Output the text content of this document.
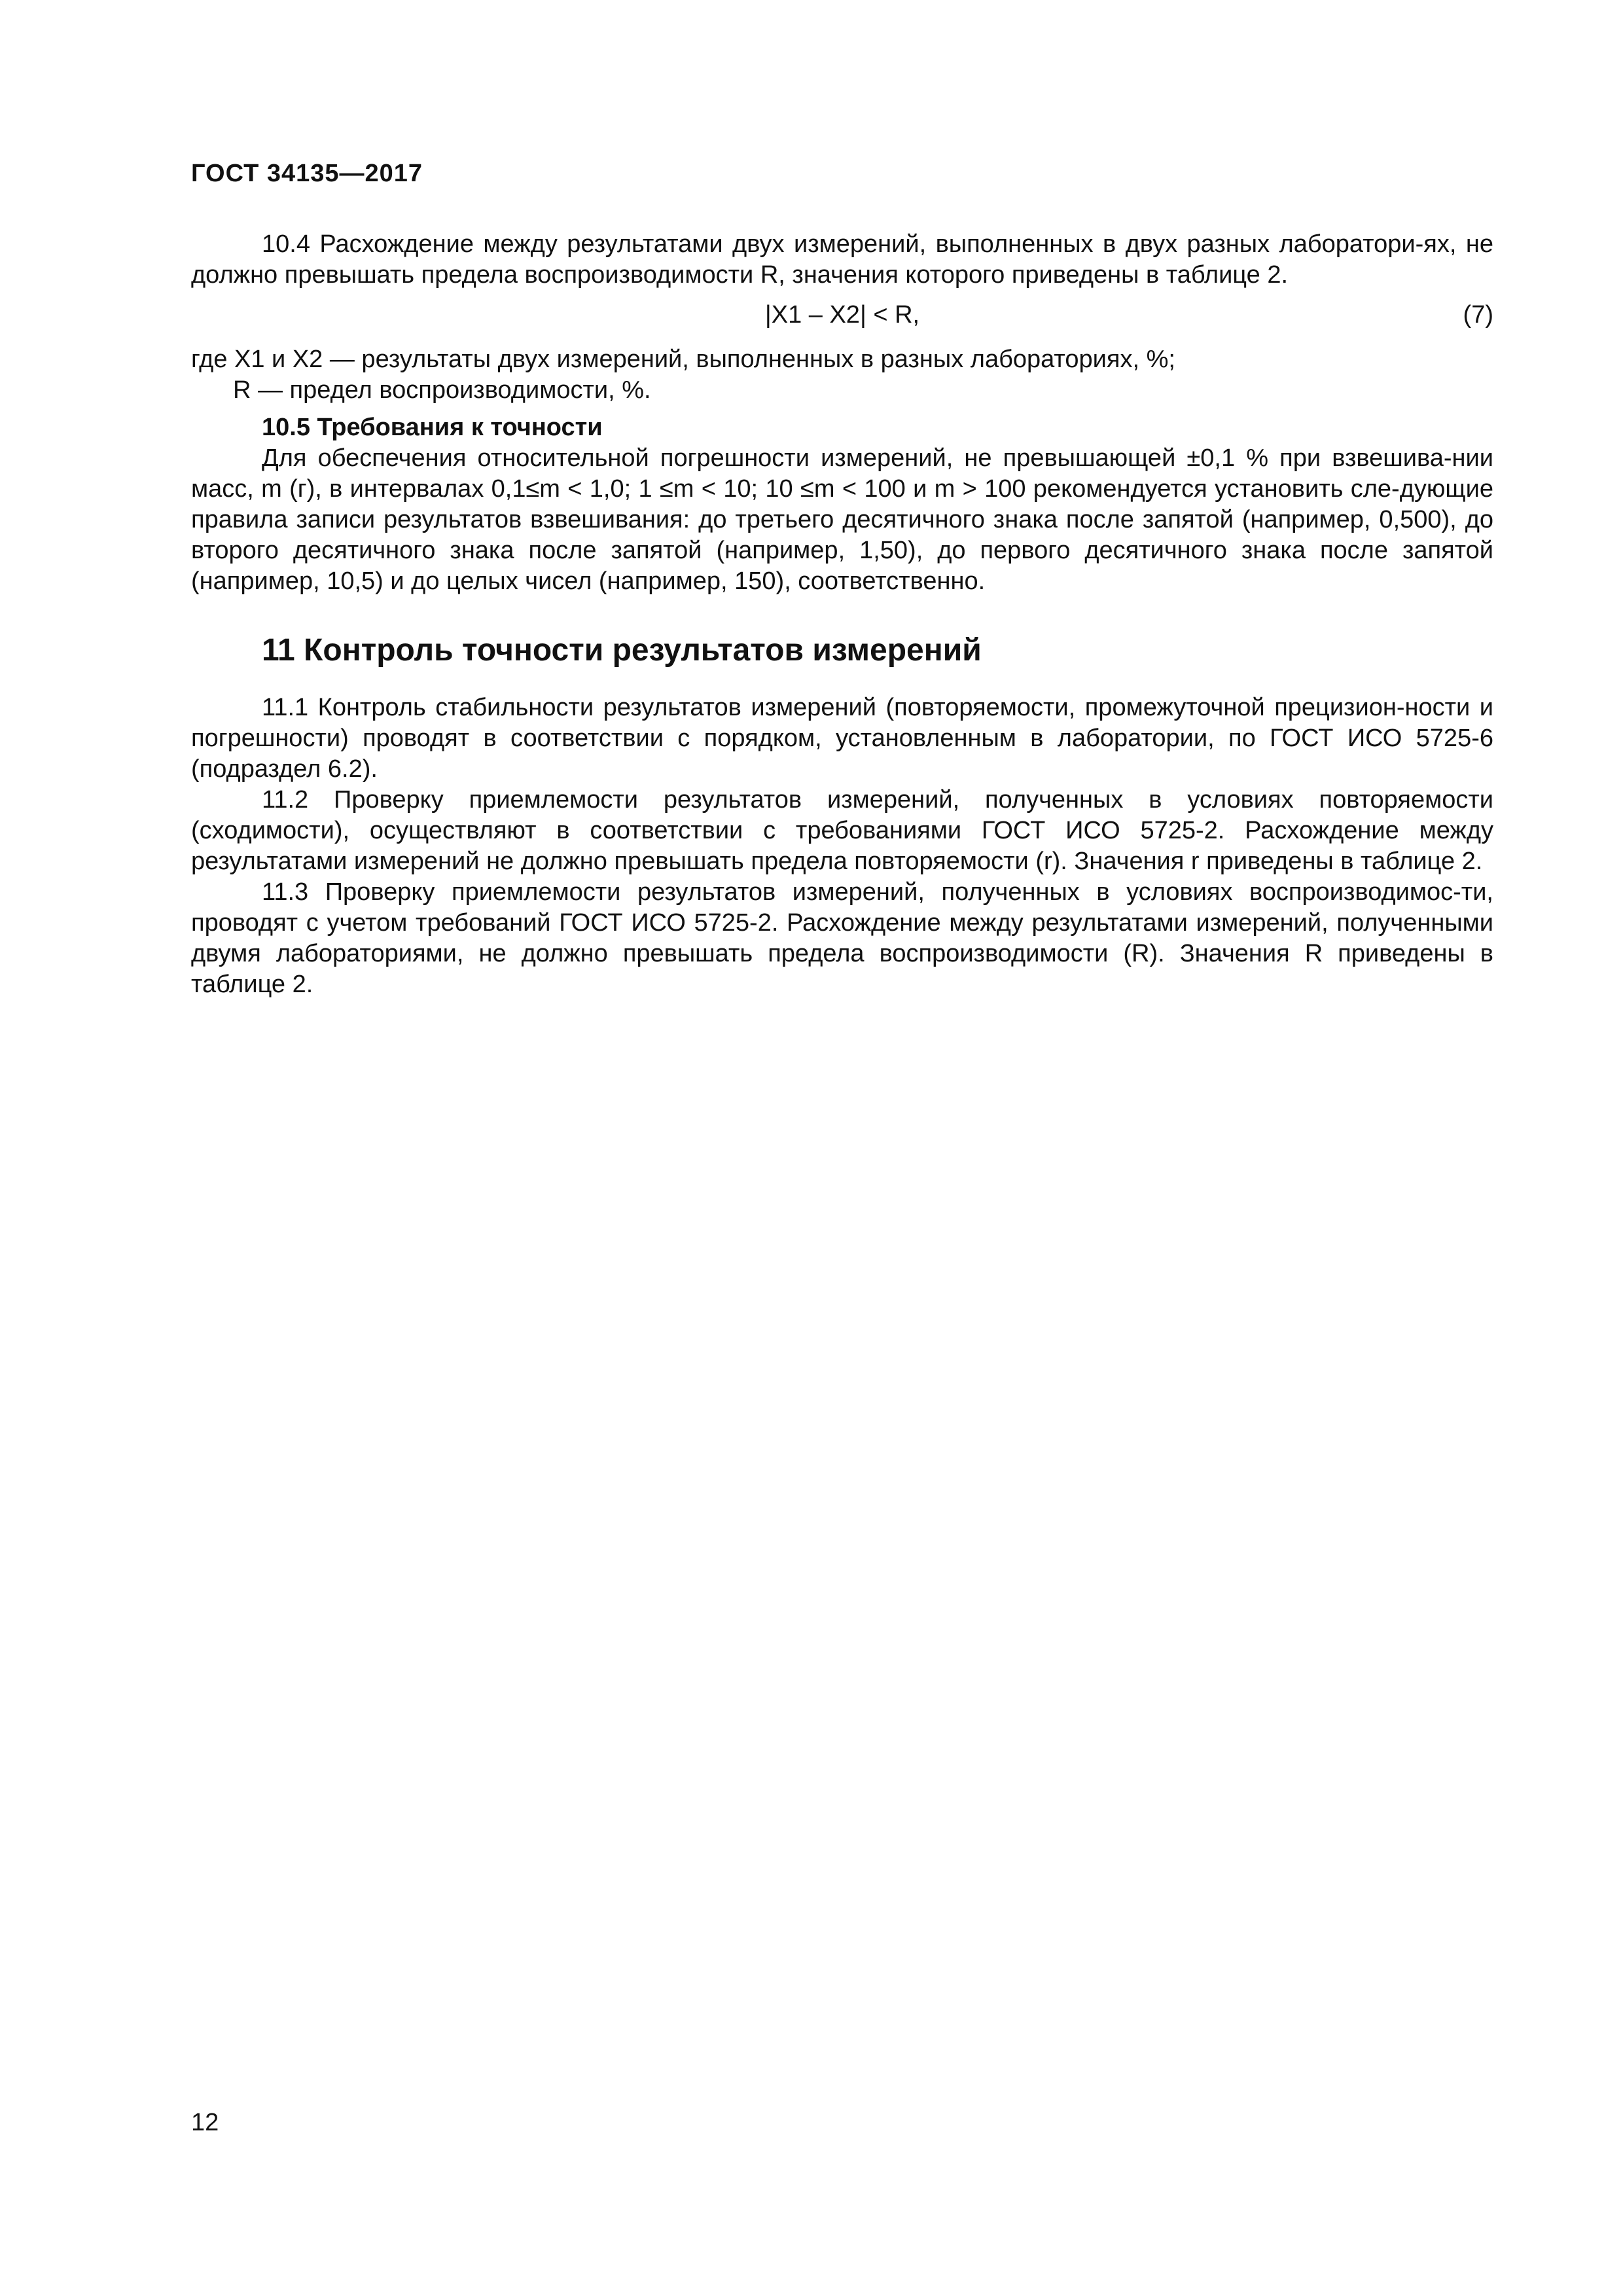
ГОСТ 34135—2017

10.4 Расхождение между результатами двух измерений, выполненных в двух разных лаборатори-ях, не должно превышать предела воспроизводимости R, значения которого приведены в таблице 2.

|X1 – X2| < R,	(7)

где X1 и X2 — результаты двух измерений, выполненных в разных лабораториях, %;

R — предел воспроизводимости, %.

10.5 Требования к точности

Для обеспечения относительной погрешности измерений, не превышающей ±0,1 % при взвешива-нии масс, m (г), в интервалах 0,1≤m < 1,0; 1 ≤m < 10; 10 ≤m < 100 и m > 100 рекомендуется установить сле-дующие правила записи результатов взвешивания: до третьего десятичного знака после запятой (например, 0,500), до второго десятичного знака после запятой (например, 1,50), до первого десятичного знака после запятой (например, 10,5) и до целых чисел (например, 150), соответственно.

11 Контроль точности результатов измерений

11.1 Контроль стабильности результатов измерений (повторяемости, промежуточной прецизион-ности и погрешности) проводят в соответствии с порядком, установленным в лаборатории, по ГОСТ ИСО 5725-6 (подраздел 6.2).

11.2 Проверку приемлемости результатов измерений, полученных в условиях повторяемости (сходимости), осуществляют в соответствии с требованиями ГОСТ ИСО 5725-2. Расхождение между результатами измерений не должно превышать предела повторяемости (r). Значения r приведены в таблице 2.

11.3 Проверку приемлемости результатов измерений, полученных в условиях воспроизводимос-ти, проводят с учетом требований ГОСТ ИСО 5725-2. Расхождение между результатами измерений, полученными двумя лабораториями, не должно превышать предела воспроизводимости (R). Значения R приведены в таблице 2.

12
